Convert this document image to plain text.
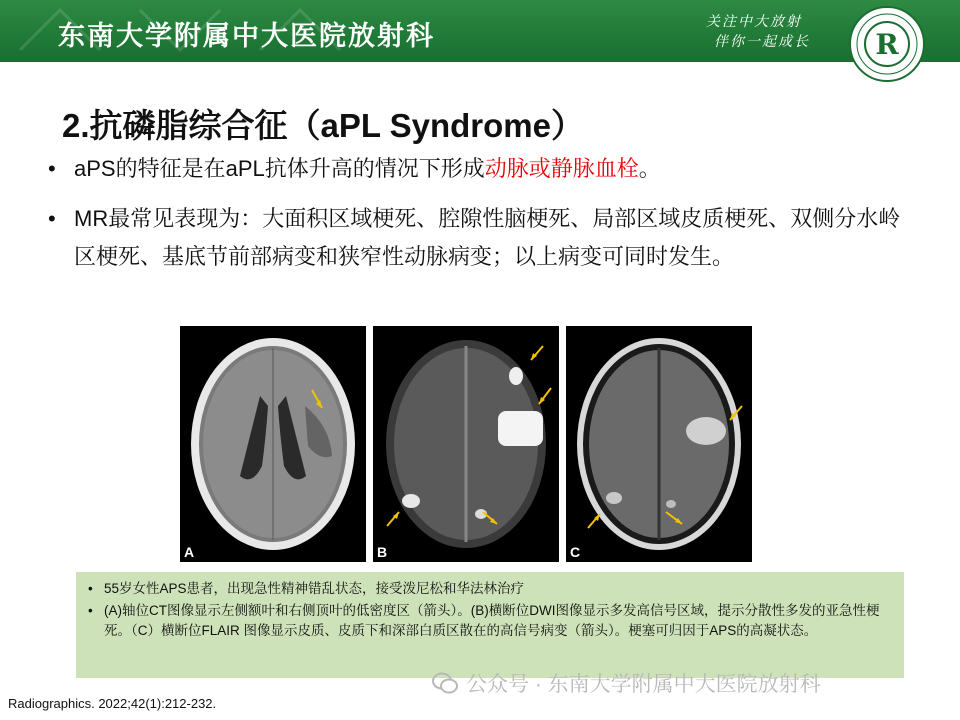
东南大学附属中大医院放射科	关注中大放射
伴你一起成长 R
2.抗磷脂综合征（aPL Syndrome）
• aPS的特征是在aPL抗体升高的情况下形成动脉或静脉血栓。
• MR最常见表现为：大面积区域梗死、腔隙性脑梗死、局部区域皮质梗死、双侧分水岭区梗死、基底节前部病变和狭窄性动脉病变；以上病变可同时发生。
A	B	C
• 55岁女性APS患者，出现急性精神错乱状态，接受泼尼松和华法林治疗
• (A)轴位CT图像显示左侧额叶和右侧顶叶的低密度区（箭头）。(B)横断位DWI图像显示多发高信号区域，提示分散性多发的亚急性梗死。（C）横断位FLAIR 图像显示皮质、皮质下和深部白质区散在的高信号病变（箭头）。梗塞可归因于APS的高凝状态。
公众号 · 东南大学附属中大医院放射科
Radiographics. 2022;42(1):212-232.
